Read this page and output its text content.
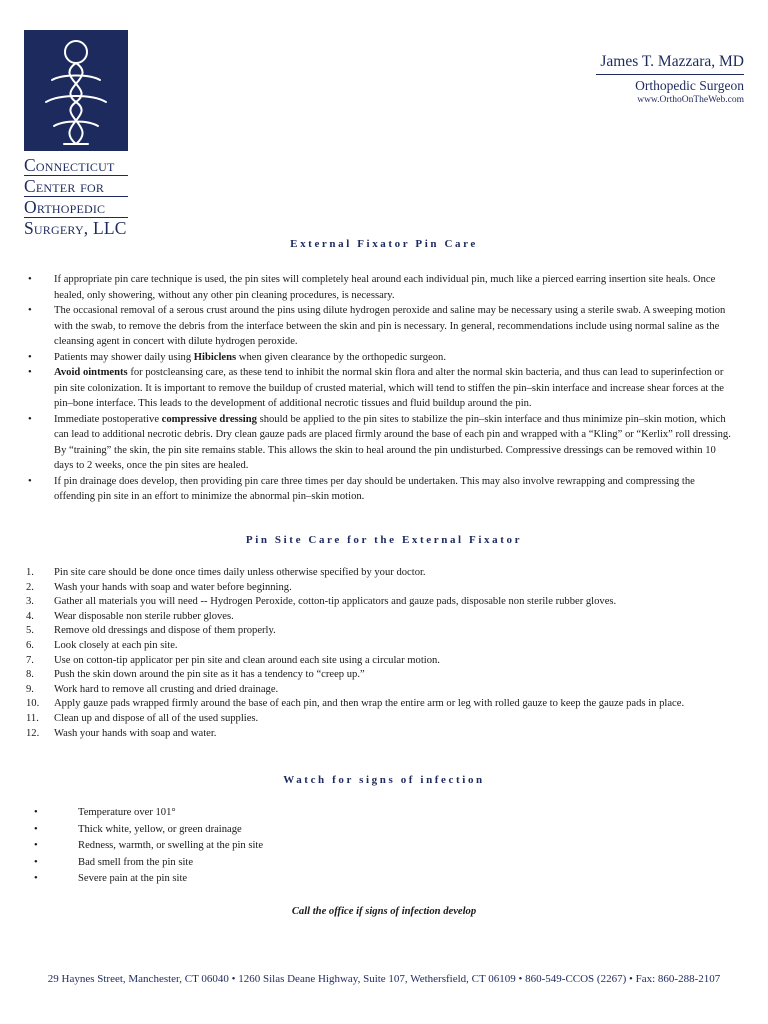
Connecticut
Center for
Orthopedic
Surgery, LLC
James T. Mazzara, MD
Orthopedic Surgeon
www.OrthoOnTheWeb.com
External Fixator Pin Care
• If appropriate pin care technique is used, the pin sites will completely heal around each individual pin, much like a pierced earring insertion site heals. Once healed, only showering, without any other pin cleaning procedures, is necessary.
• The occasional removal of a serous crust around the pins using dilute hydrogen peroxide and saline may be necessary using a sterile swab. A sweeping motion with the swab, to remove the debris from the interface between the skin and pin is necessary. In general, recommendations include using normal saline as the cleansing agent in concert with dilute hydrogen peroxide.
• Patients may shower daily using Hibiclens when given clearance by the orthopedic surgeon.
• Avoid ointments for postcleansing care, as these tend to inhibit the normal skin flora and alter the normal skin bacteria, and thus can lead to superinfection or pin site colonization. It is important to remove the buildup of crusted material, which will tend to stiffen the pin–skin interface and increase shear forces at the pin–bone interface. This leads to the development of additional necrotic tissues and fluid buildup around the pin.
• Immediate postoperative compressive dressing should be applied to the pin sites to stabilize the pin–skin interface and thus minimize pin–skin motion, which can lead to additional necrotic debris. Dry clean gauze pads are placed firmly around the base of each pin and wrapped with a “Kling” or “Kerlix” roll dressing. By “training” the skin, the pin site remains stable. This allows the skin to heal around the pin undisturbed. Compressive dressings can be removed within 10 days to 2 weeks, once the pin sites are healed.
• If pin drainage does develop, then providing pin care three times per day should be undertaken. This may also involve rewrapping and compressing the offending pin site in an effort to minimize the abnormal pin–skin motion.
Pin Site Care for the External Fixator
1. Pin site care should be done once times daily unless otherwise specified by your doctor.
2. Wash your hands with soap and water before beginning.
3. Gather all materials you will need -- Hydrogen Peroxide, cotton-tip applicators and gauze pads, disposable non sterile rubber gloves.
4. Wear disposable non sterile rubber gloves.
5. Remove old dressings and dispose of them properly.
6. Look closely at each pin site.
7. Use on cotton-tip applicator per pin site and clean around each site using a circular motion.
8. Push the skin down around the pin site as it has a tendency to “creep up.”
9. Work hard to remove all crusting and dried drainage.
10. Apply gauze pads wrapped firmly around the base of each pin, and then wrap the entire arm or leg with rolled gauze to keep the gauze pads in place.
11. Clean up and dispose of all of the used supplies.
12. Wash your hands with soap and water.
Watch for signs of infection
• Temperature over 101°
• Thick white, yellow, or green drainage
• Redness, warmth, or swelling at the pin site
• Bad smell from the pin site
• Severe pain at the pin site
Call the office if signs of infection develop
29 Haynes Street, Manchester, CT 06040 • 1260 Silas Deane Highway, Suite 107, Wethersfield, CT 06109 • 860-549-CCOS (2267) • Fax: 860-288-2107
